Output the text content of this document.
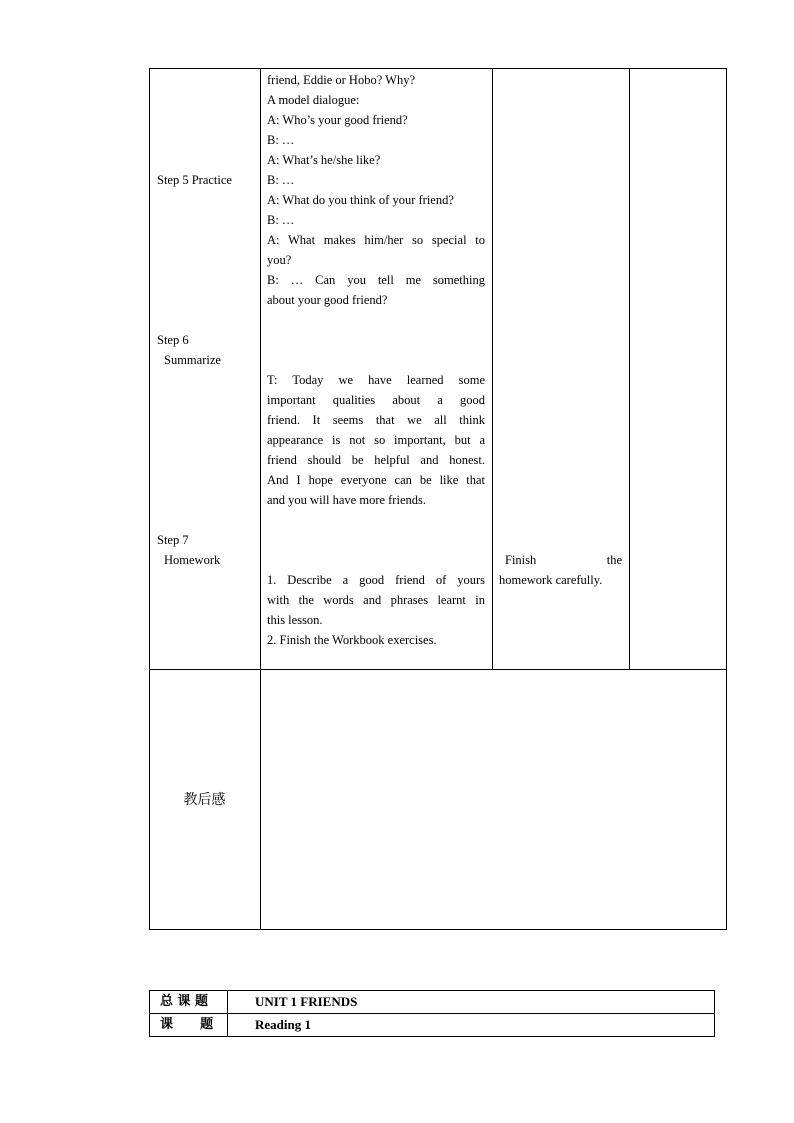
Step 5 Practice
Step 6
Summarize
Step 7
Homework
friend, Eddie or Hobo? Why?
A model dialogue:
A: Who’s your good friend?
B: …
A: What’s he/she like?
B: …
A: What do you think of your friend?
B: …
A: What makes him/her so special to
you?
B: … Can you tell me something
about your good friend?
T: Today we have learned some
important qualities about a good
friend. It seems that we all think
appearance is not so important, but a
friend should be helpful and honest.
And I hope everyone can be like that
and you will have more friends.
1. Describe a good friend of yours
with the words and phrases learnt in
this lesson.
2. Finish the Workbook exercises.
Finish the
homework carefully.
教后感
总 课 题	UNIT 1 FRIENDS
课      题	Reading 1
